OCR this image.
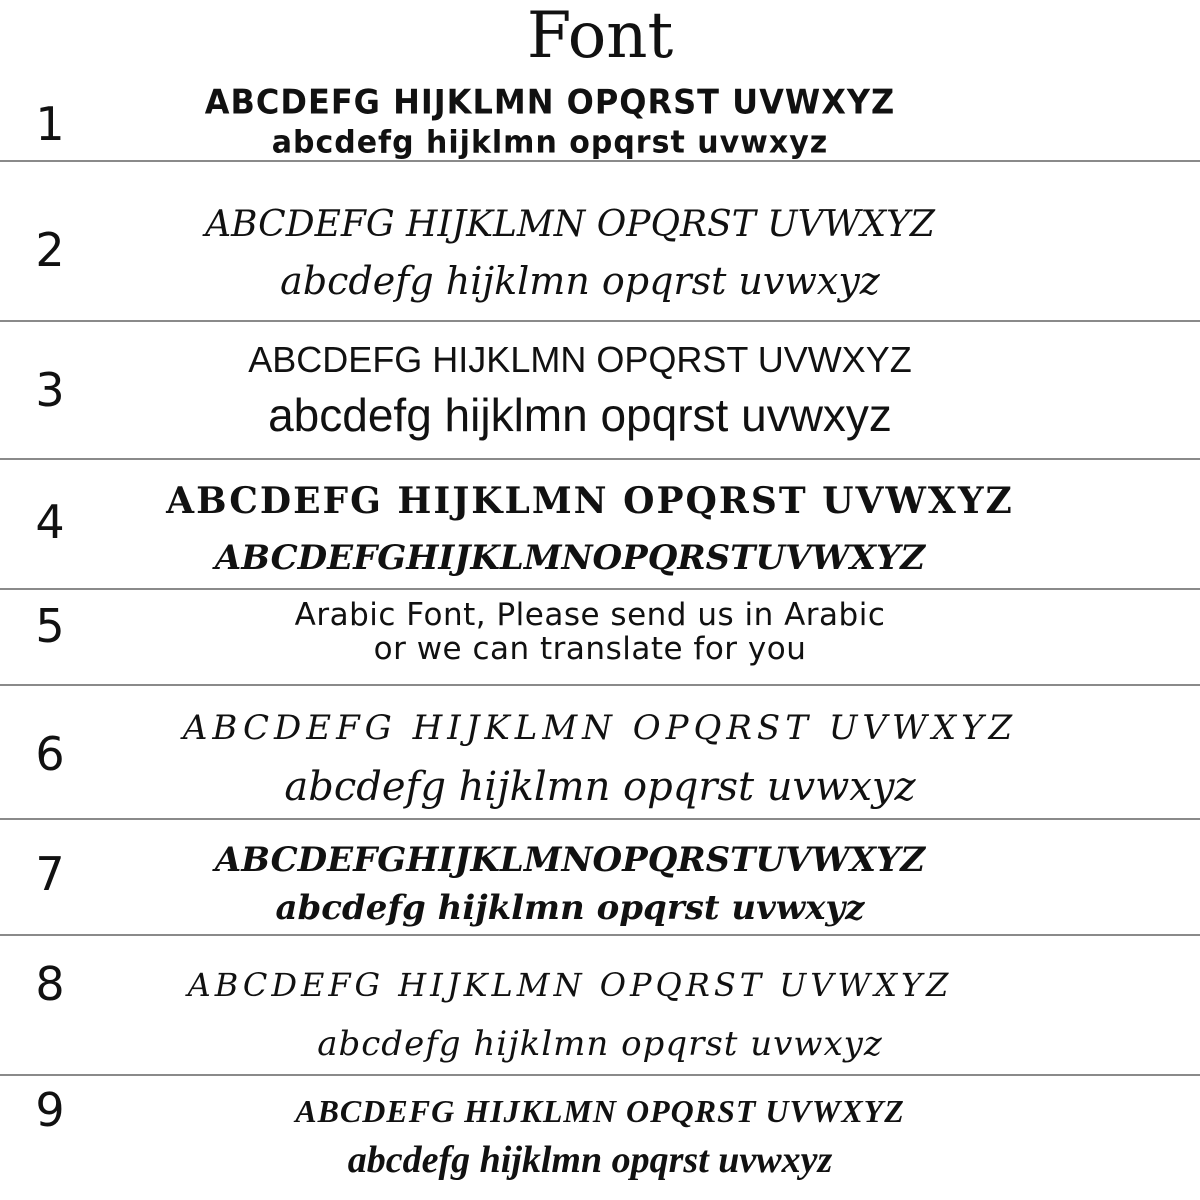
Font
1	ABCDEFG HIJKLMN OPQRST UVWXYZ
abcdefg hijklmn opqrst uvwxyz
2	ABCDEFG HIJKLMN OPQRST UVWXYZ
abcdefg hijklmn opqrst uvwxyz
3
ABCDEFG HIJKLMN OPQRST UVWXYZ
abcdefg hijklmn opqrst uvwxyz
4	ABCDEFG HIJKLMN OPQRST UVWXYZ
ABCDEFGHIJKLMNOPQRSTUVWXYZ
5	Arabic Font, Please send us in Arabic
or we can translate for you
6	ABCDEFG HIJKLMN OPQRST UVWXYZ
abcdefg hijklmn opqrst uvwxyz
7	ABCDEFGHIJKLMNOPQRSTUVWXYZ
abcdefg hijklmn opqrst uvwxyz
8	ABCDEFG HIJKLMN OPQRST UVWXYZ
abcdefg hijklmn opqrst uvwxyz
9	ABCDEFG HIJKLMN OPQRST UVWXYZ
abcdefg hijklmn opqrst uvwxyz
